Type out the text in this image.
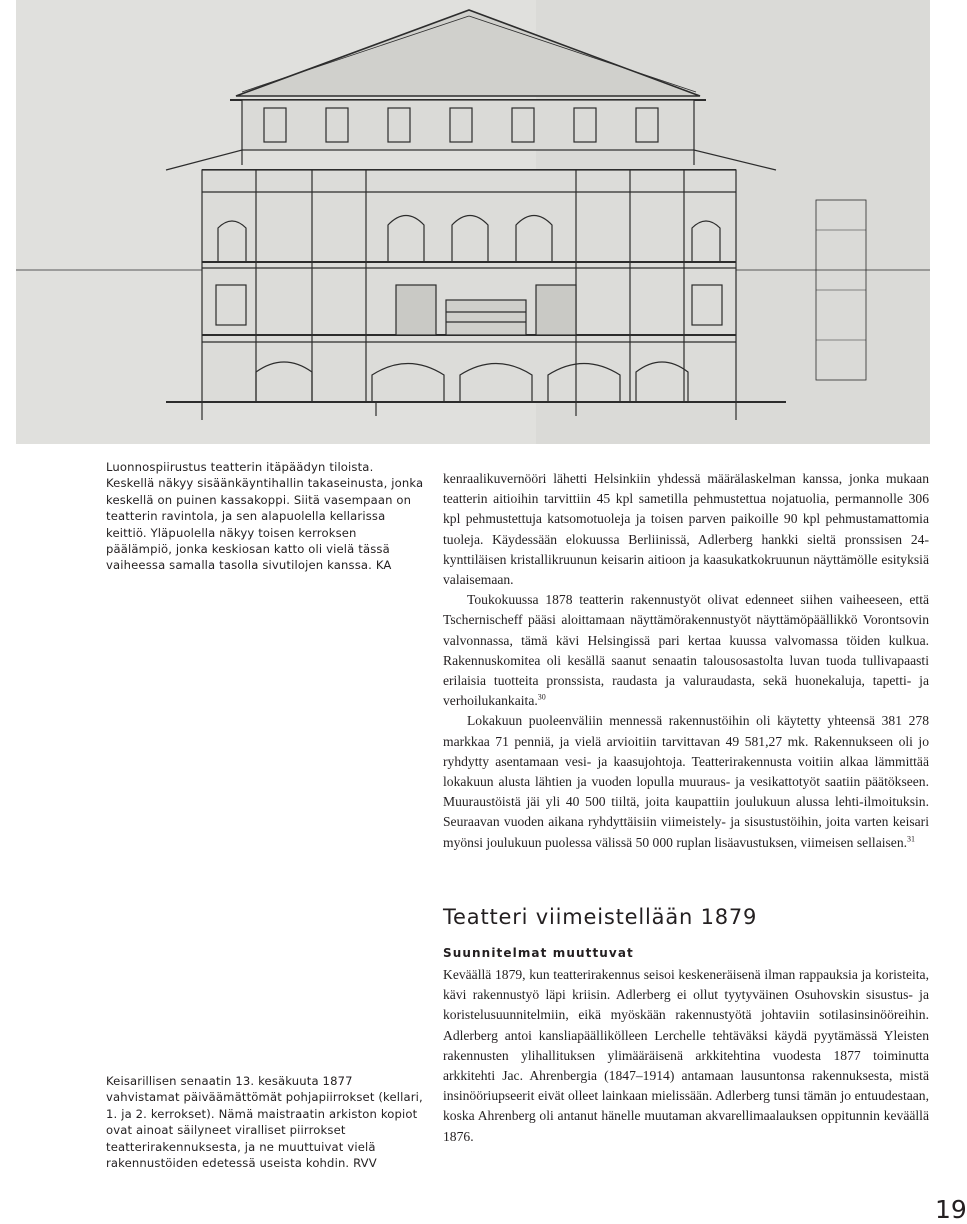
Luonnospiirustus teatterin itäpäädyn tiloista. Keskellä näkyy sisäänkäyntihallin takaseinusta, jonka keskellä on puinen kassakoppi. Siitä vasempaan on teatterin ravintola, ja sen alapuolella kellarissa keittiö. Yläpuolella näkyy toisen kerroksen päälämpiö, jonka keskiosan katto oli vielä tässä vaiheessa samalla tasolla sivutilojen kanssa. KA

kenraalikuvernööri lähetti Helsinkiin yhdessä määrälaskelman kanssa, jonka mukaan teatterin aitioihin tarvittiin 45 kpl sametilla pehmustettua nojatuolia, permannolle 306 kpl pehmustettuja katsomotuoleja ja toisen parven paikoille 90 kpl pehmustamattomia tuoleja. Käydessään elokuussa Berliinissä, Adlerberg hankki sieltä pronssisen 24-kynttiläisen kristallikruunun keisarin aitioon ja kaasukatkokruunun näyttämölle esityksiä valaisemaan.

Toukokuussa 1878 teatterin rakennustyöt olivat edenneet siihen vaiheeseen, että Tschernischeff pääsi aloittamaan näyttämörakennustyöt näyttämöpäällikkö Vorontsovin valvonnassa, tämä kävi Helsingissä pari kertaa kuussa valvomassa töiden kulkua. Rakennuskomitea oli kesällä saanut senaatin talousosastolta luvan tuoda tullivapaasti erilaisia tuotteita pronssista, raudasta ja valuraudasta, sekä huonekaluja, tapetti- ja verhoilukankaita.$^{30}$

Lokakuun puoleenväliin mennessä rakennustöihin oli käytetty yhteensä 381 278 markkaa 71 penniä, ja vielä arvioitiin tarvittavan 49 581,27 mk. Rakennukseen oli jo ryhdytty asentamaan vesi- ja kaasujohtoja. Teatterirakennusta voitiin alkaa lämmittää lokakuun alusta lähtien ja vuoden lopulla muuraus- ja vesikattotyöt saatiin päätökseen. Muuraustöistä jäi yli 40 500 tiiltä, joita kaupattiin joulukuun alussa lehti-ilmoituksin. Seuraavan vuoden aikana ryhdyttäisiin viimeistely- ja sisustustöihin, joita varten keisari myönsi joulukuun puolessa välissä 50 000 ruplan lisäavustuksen, viimeisen sellaisen.$^{31}$

Teatteri viimeistellään 1879
Suunnitelmat muuttuvat

Keväällä 1879, kun teatterirakennus seisoi keskeneräisenä ilman rappauksia ja koristeita, kävi rakennustyö läpi kriisin. Adlerberg ei ollut tyytyväinen Osuhovskin sisustus- ja koristelusuunnitelmiin, eikä myöskään rakennustyötä johtaviin sotilasinsinööreihin. Adlerberg antoi kansliapäällikölleen Lerchelle tehtäväksi käydä pyytämässä Yleisten rakennusten ylihallituksen ylimääräisenä arkkitehtina vuodesta 1877 toiminutta arkkitehti Jac. Ahrenbergia (1847–1914) antamaan lausuntonsa rakennuksesta, mistä insinööriupseerit eivät olleet lainkaan mielissään. Adlerberg tunsi tämän jo entuudestaan, koska Ahrenberg oli antanut hänelle muutaman akvarellimaalauksen oppitunnin keväällä 1876.

Keisarillisen senaatin 13. kesäkuuta 1877 vahvistamat päiväämättömät pohjapiirrokset (kellari, 1. ja 2. kerrokset). Nämä maistraatin arkiston kopiot ovat ainoat säilyneet viralliset piirrokset teatterirakennuksesta, ja ne muuttuivat vielä rakennustöiden edetessä useista kohdin. RVV

19
